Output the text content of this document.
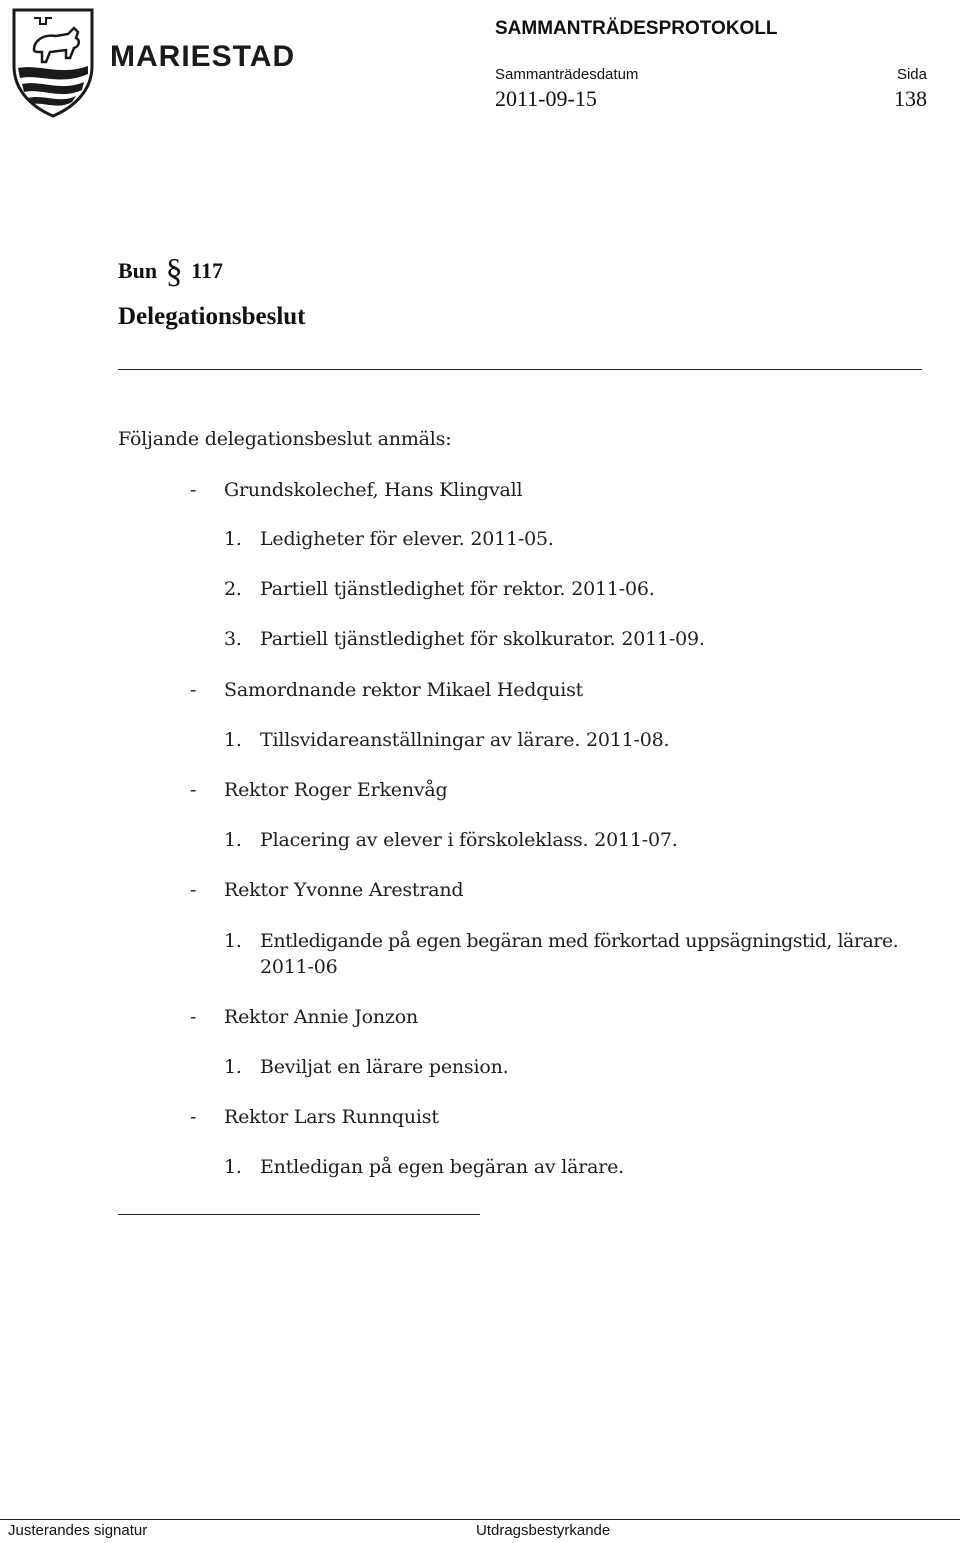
MARIESTAD
SAMMANTRÄDESPROTOKOLL
Sammanträdesdatum	Sida
2011-09-15	138
Bun § 117
Delegationsbeslut
Följande delegationsbeslut anmäls:
- Grundskolechef, Hans Klingvall
1. Ledigheter för elever. 2011-05.
2. Partiell tjänstledighet för rektor. 2011-06.
3. Partiell tjänstledighet för skolkurator. 2011-09.
- Samordnande rektor Mikael Hedquist
1. Tillsvidareanställningar av lärare. 2011-08.
- Rektor Roger Erkenvåg
1. Placering av elever i förskoleklass. 2011-07.
- Rektor Yvonne Arestrand
1. Entledigande på egen begäran med förkortad uppsägningstid, lärare.
2011-06
- Rektor Annie Jonzon
1. Beviljat en lärare pension.
- Rektor Lars Runnquist
1. Entledigan på egen begäran av lärare.
Justerandes signatur	Utdragsbestyrkande
